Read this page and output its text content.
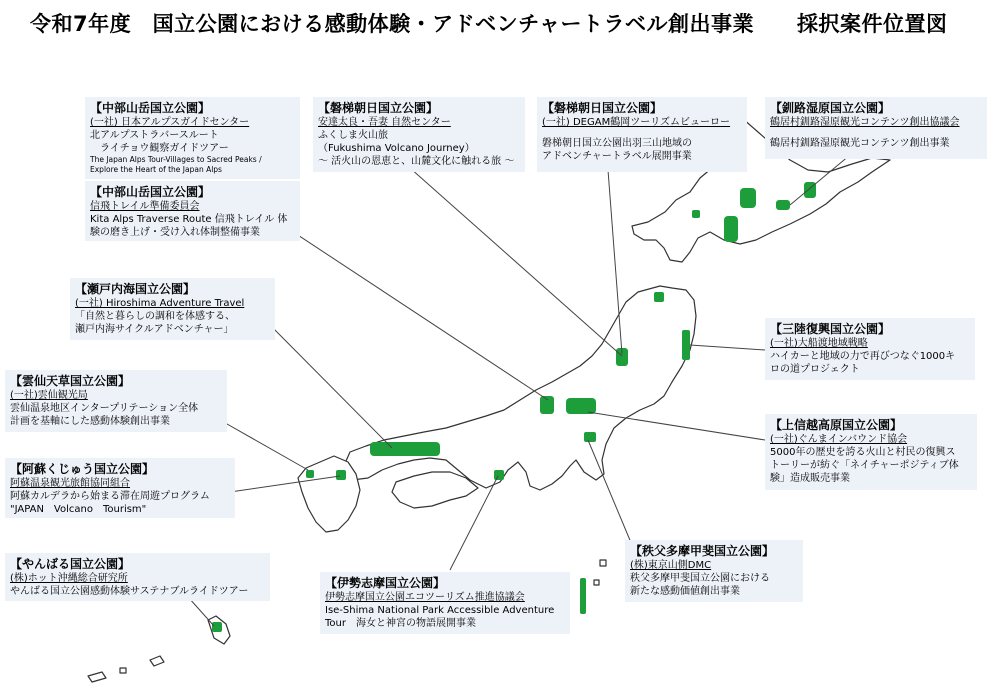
令和7年度　国立公園における感動体験・アドベンチャートラベル創出事業　　採択案件位置図
【中部山岳国立公園】
(一社) 日本アルプスガイドセンター
北アルプストラバースルート
　ライチョウ観察ガイドツアー
The Japan Alps Tour-Villages to Sacred Peaks /
Explore the Heart of the Japan Alps
【中部山岳国立公園】
信飛トレイル準備委員会
Kita Alps Traverse Route 信飛トレイル 体
験の磨き上げ・受け入れ体制整備事業
【磐梯朝日国立公園】
安達太良・吾妻 自然センター
ふくしま火山旅
（Fukushima Volcano Journey）
～ 活火山の恩恵と、山麓文化に触れる旅 ～
【磐梯朝日国立公園】
(一社) DEGAM鶴岡ツーリズムビューロー
磐梯朝日国立公園出羽三山地域の
アドベンチャートラベル展開事業
【釧路湿原国立公園】
鶴居村釧路湿原観光コンテンツ創出協議会
鶴居村釧路湿原観光コンテンツ創出事業
【瀬戸内海国立公園】
(一社) Hiroshima Adventure Travel
「自然と暮らしの調和を体感する、
瀬戸内海サイクルアドベンチャー」	【三陸復興国立公園】
(一社)大船渡地域戦略
ハイカーと地域の力で再びつなぐ1000キ
ロの道プロジェクト
【雲仙天草国立公園】
(一社)雲仙観光局
雲仙温泉地区インタープリテーション全体
計画を基軸にした感動体験創出事業	【上信越高原国立公園】
(一社)ぐんまインバウンド協会
5000年の歴史を誇る火山と村民の復興ス
トーリーが紡ぐ「ネイチャーポジティブ体
験」造成販売事業
【阿蘇くじゅう国立公園】
阿蘇温泉観光旅館協同組合
阿蘇カルデラから始まる滞在周遊プログラム
"JAPAN　Volcano　Tourism"
【秩父多摩甲斐国立公園】
(株)東京山側DMC
秩父多摩甲斐国立公園における
新たな感動価値創出事業
【やんばる国立公園】
(株)ホット沖縄総合研究所
やんばる国立公園感動体験サステナブルライドツアー
【伊勢志摩国立公園】
伊勢志摩国立公園エコツーリズム推進協議会
Ise-Shima National Park Accessible Adventure
Tour　海女と神宮の物語展開事業
